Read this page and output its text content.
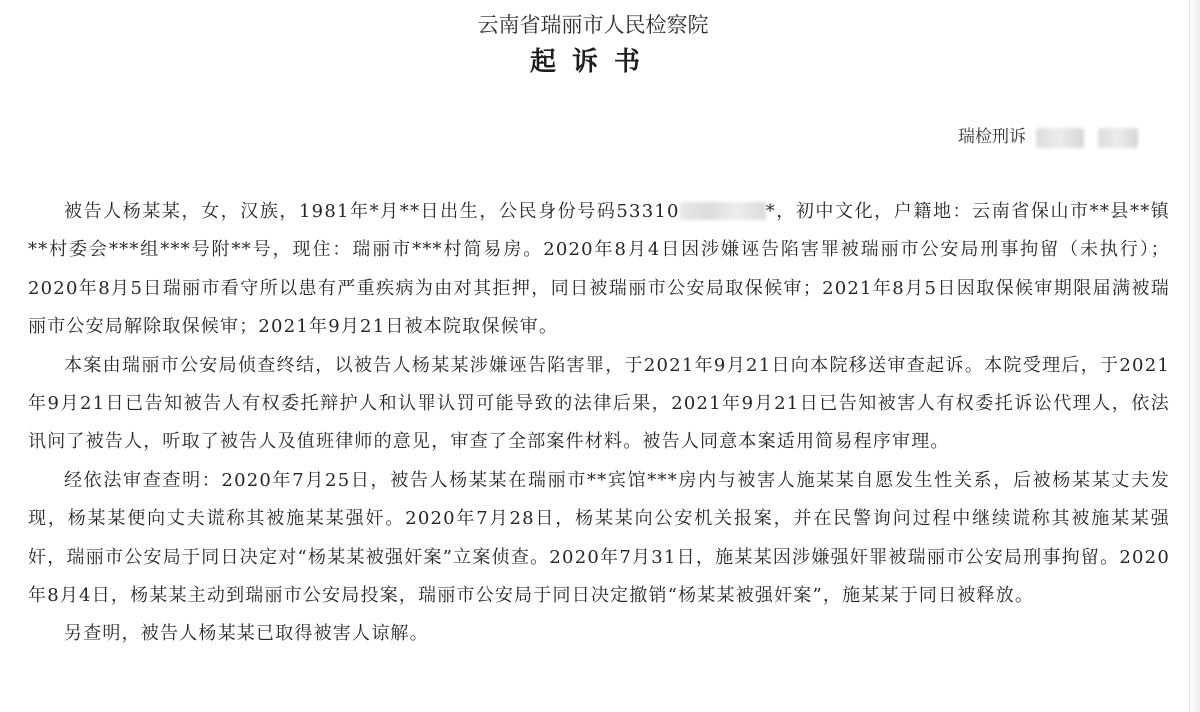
云南省瑞丽市人民检察院
起诉书
瑞检刑诉

被告人杨某某，女，汉族，1981年*月**日出生，公民身份号码53310	*，初中文化，户籍地：云南省保山市**县**镇**村委会***组***号附**号，现住：瑞丽市***村简易房。2020年8月4日因涉嫌诬告陷害罪被瑞丽市公安局刑事拘留（未执行）；2020年8月5日瑞丽市看守所以患有严重疾病为由对其拒押，同日被瑞丽市公安局取保候审；2021年8月5日因取保候审期限届满被瑞丽市公安局解除取保候审；2021年9月21日被本院取保候审。

本案由瑞丽市公安局侦查终结，以被告人杨某某涉嫌诬告陷害罪，于2021年9月21日向本院移送审查起诉。本院受理后，于2021年9月21日已告知被告人有权委托辩护人和认罪认罚可能导致的法律后果，2021年9月21日已告知被害人有权委托诉讼代理人，依法讯问了被告人，听取了被告人及值班律师的意见，审查了全部案件材料。被告人同意本案适用简易程序审理。

经依法审查查明：2020年7月25日，被告人杨某某在瑞丽市**宾馆***房内与被害人施某某自愿发生性关系，后被杨某某丈夫发现，杨某某便向丈夫谎称其被施某某强奸。2020年7月28日，杨某某向公安机关报案，并在民警询问过程中继续谎称其被施某某强奸，瑞丽市公安局于同日决定对“杨某某被强奸案”立案侦查。2020年7月31日，施某某因涉嫌强奸罪被瑞丽市公安局刑事拘留。2020年8月4日，杨某某主动到瑞丽市公安局投案，瑞丽市公安局于同日决定撤销“杨某某被强奸案”，施某某于同日被释放。

另查明，被告人杨某某已取得被害人谅解。
